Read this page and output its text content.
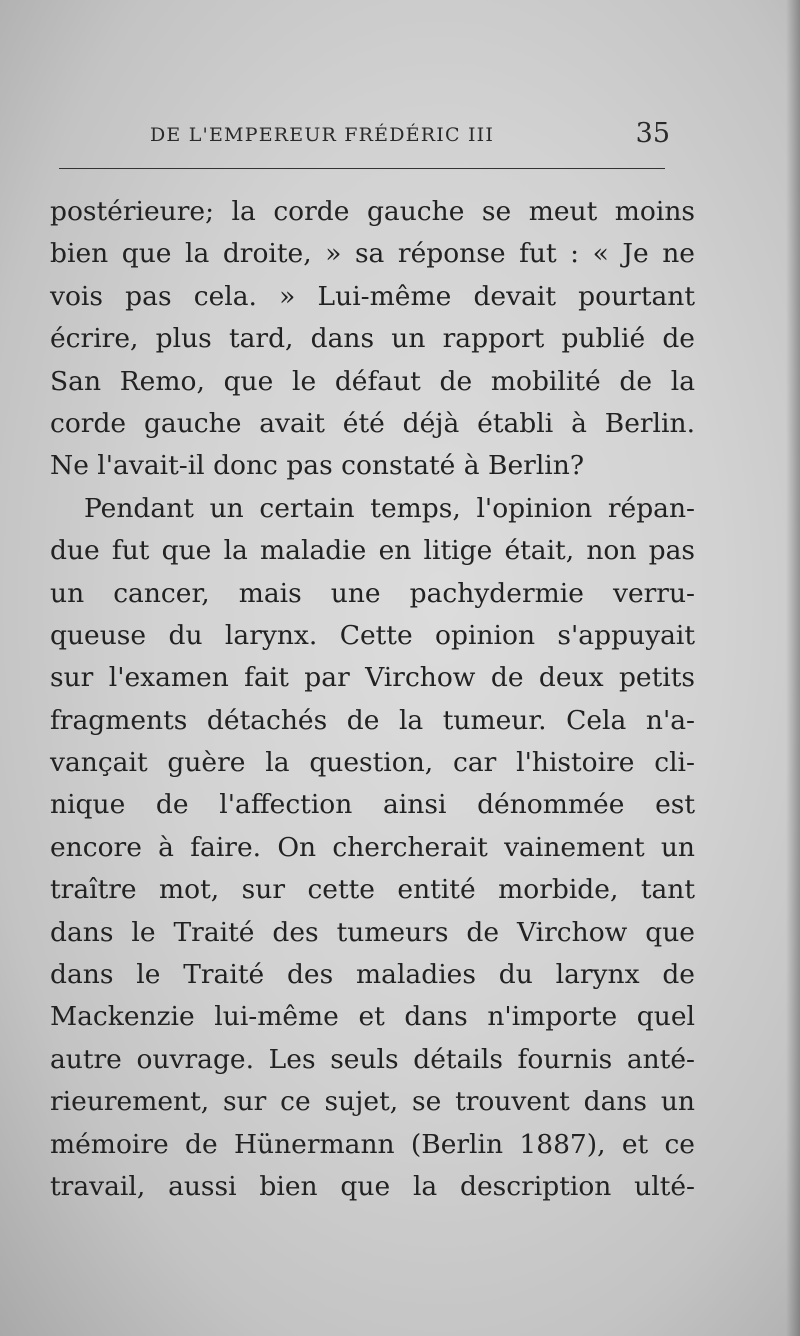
DE L'EMPEREUR FRÉDÉRIC III	35
postérieure; la corde gauche se meut moins
bien que la droite, » sa réponse fut : « Je ne
vois pas cela. » Lui-même devait pourtant
écrire, plus tard, dans un rapport publié de
San Remo, que le défaut de mobilité de la
corde gauche avait été déjà établi à Berlin.
Ne l'avait-il donc pas constaté à Berlin?
Pendant un certain temps, l'opinion répan-
due fut que la maladie en litige était, non pas
un cancer, mais une pachydermie verru-
queuse du larynx. Cette opinion s'appuyait
sur l'examen fait par Virchow de deux petits
fragments détachés de la tumeur. Cela n'a-
vançait guère la question, car l'histoire cli-
nique de l'affection ainsi dénommée est
encore à faire. On chercherait vainement un
traître mot, sur cette entité morbide, tant
dans le Traité des tumeurs de Virchow que
dans le Traité des maladies du larynx de
Mackenzie lui-même et dans n'importe quel
autre ouvrage. Les seuls détails fournis anté-
rieurement, sur ce sujet, se trouvent dans un
mémoire de Hünermann (Berlin 1887), et ce
travail, aussi bien que la description ulté-
